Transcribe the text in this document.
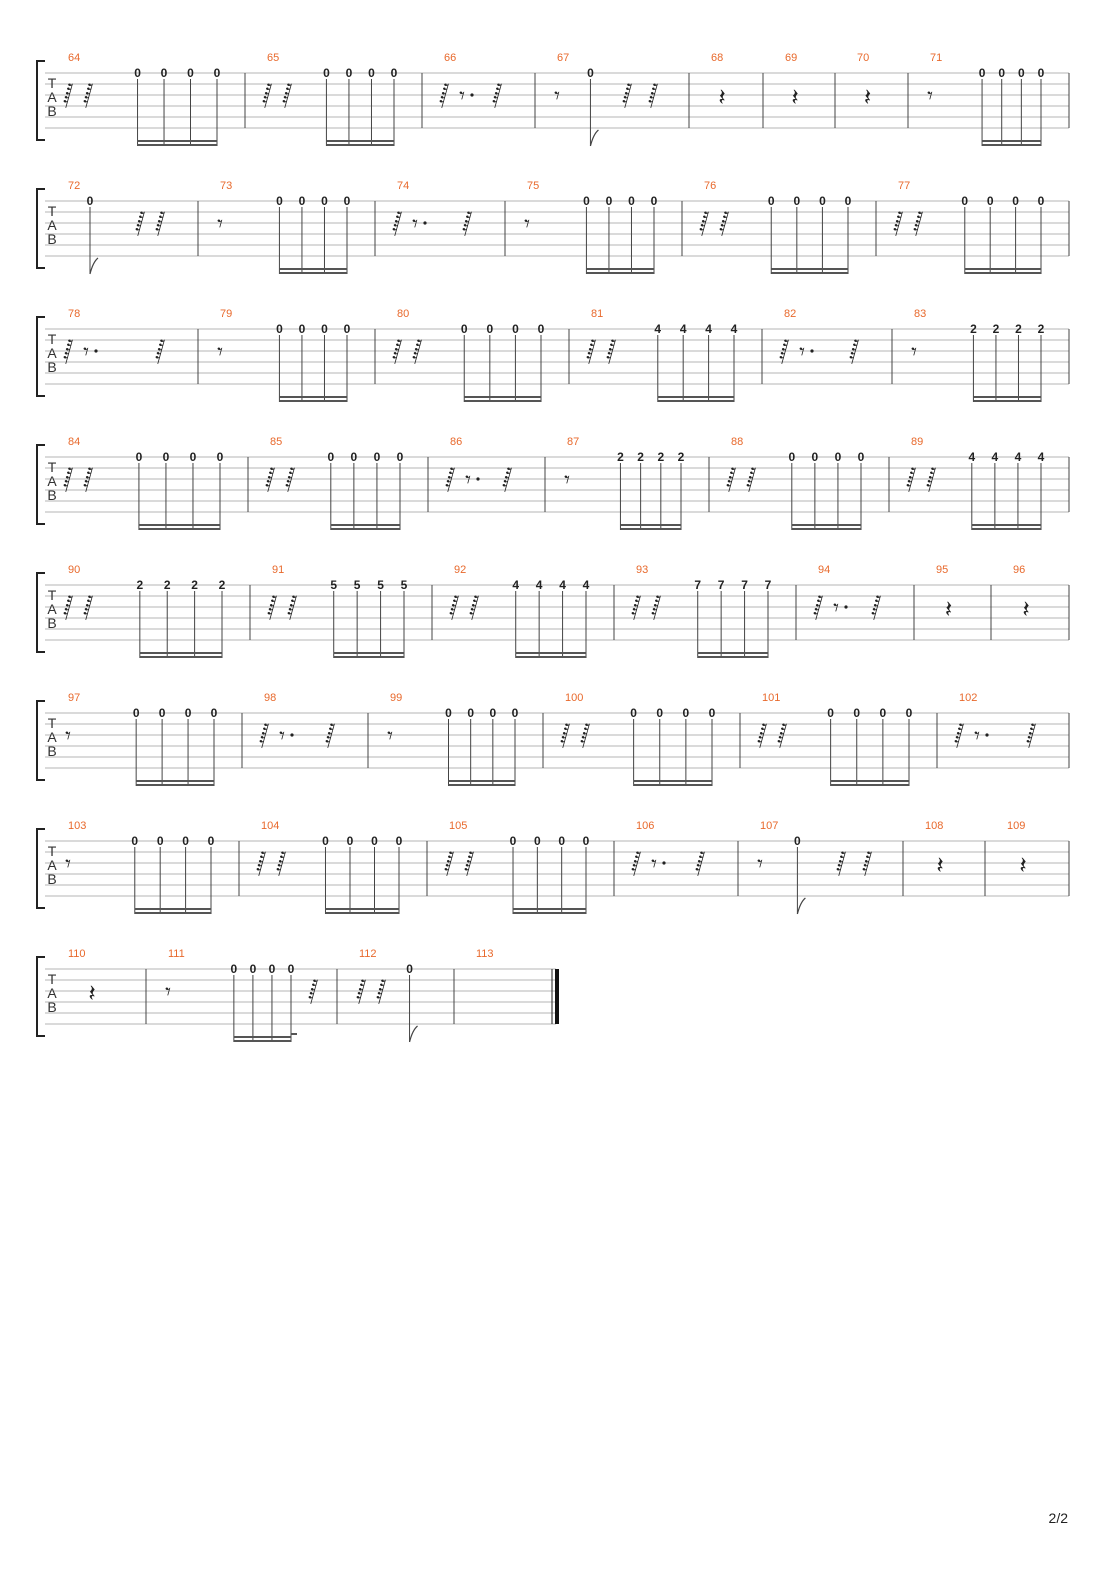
T
A
B
64
𝅂 𝅂
0 0 0 0
65
𝅂 𝅂
0 0 0 0
66
𝅂 𝄾 𝅂
67
𝄾
0
𝅂 𝅂
68
𝄽
69
𝄽
70
𝄽
71
𝄾
0 0 0 0
T
A
B
72
0
𝅂 𝅂
73
𝄾
0 0 0 0
74
𝅂 𝄾 𝅂
75
𝄾
0 0 0 0
76
𝅂 𝅂
0 0 0 0
77
𝅂 𝅂
0 0 0 0
T
A
B
78
𝅂 𝄾	𝅂
79
𝄾
0 0 0 0
80
𝅂 𝅂
0 0 0 0
81
𝅂 𝅂
4 4 4 4
82
𝅂 𝄾 𝅂
83
𝄾
2 2 2 2
T
A
B
84
𝅂 𝅂
0 0 0 0
85
𝅂 𝅂
0 0 0 0
86
𝅂 𝄾 𝅂
87
𝄾
2 2 2 2
88
𝅂 𝅂
0 0 0 0
89
𝅂 𝅂
4 4 4 4
T
A
B
90
𝅂 𝅂
2 2 2 2
91
𝅂 𝅂
5 5 5 5
92
𝅂 𝅂
4 4 4 4
93
𝅂 𝅂
7 7 7 7
94
𝅂 𝄾 𝅂
95
𝄽
96
𝄽
T
A
B
97
𝄾
0 0 0 0
98
𝅂 𝄾 𝅂
99
𝄾
0 0 0 0
100
𝅂 𝅂
0 0 0 0
101
𝅂 𝅂
0 0 0 0
102
𝅂 𝄾 𝅂
T
A
B
103
𝄾
0 0 0 0
104
𝅂 𝅂
0 0 0 0
105
𝅂 𝅂
0 0 0 0
106
𝅂 𝄾 𝅂
107
𝄾
0
𝅂 𝅂
108
𝄽
109
𝄽
T
A
B
110
𝄽
111
𝄾
0 0 0 0
𝅂
112
𝅂 𝅂
0
113
2/2
